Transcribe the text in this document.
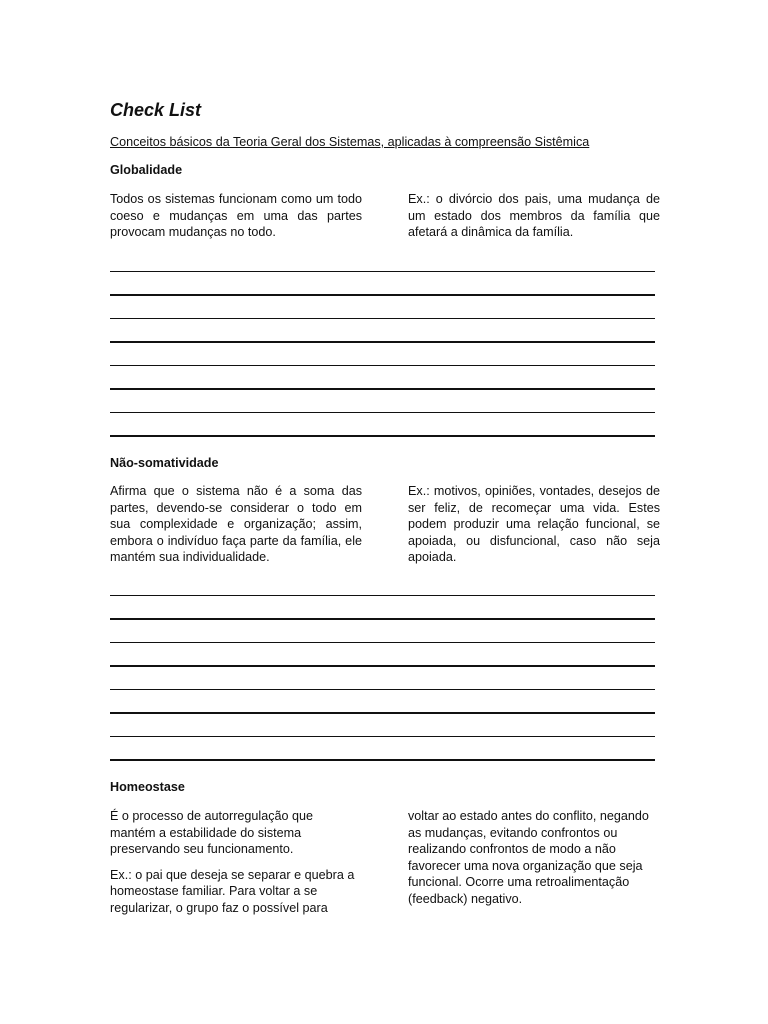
Check List
Conceitos básicos da Teoria Geral dos Sistemas, aplicadas à compreensão Sistêmica
Globalidade
Todos os sistemas funcionam como um todo coeso e mudanças em uma das partes provocam mudanças no todo.
Ex.: o divórcio dos pais, uma mudança de um estado dos membros da família que afetará a dinâmica da família.
Não-somatividade
Afirma que o sistema não é a soma das partes, devendo-se considerar o todo em sua complexidade e organização; assim, embora o indivíduo faça parte da família, ele mantém sua individualidade.
Ex.: motivos, opiniões, vontades, desejos de ser feliz, de recomeçar uma vida. Estes podem produzir uma relação funcional, se apoiada, ou disfuncional, caso não seja apoiada.
Homeostase

É o processo de autorregulação que mantém a estabilidade do sistema preservando seu funcionamento.

Ex.: o pai que deseja se separar e quebra a homeostase familiar. Para voltar a se regularizar, o grupo faz o possível para

voltar ao estado antes do conflito, negando as mudanças, evitando confrontos ou realizando confrontos de modo a não favorecer uma nova organização que seja funcional. Ocorre uma retroalimentação (feedback) negativo.
